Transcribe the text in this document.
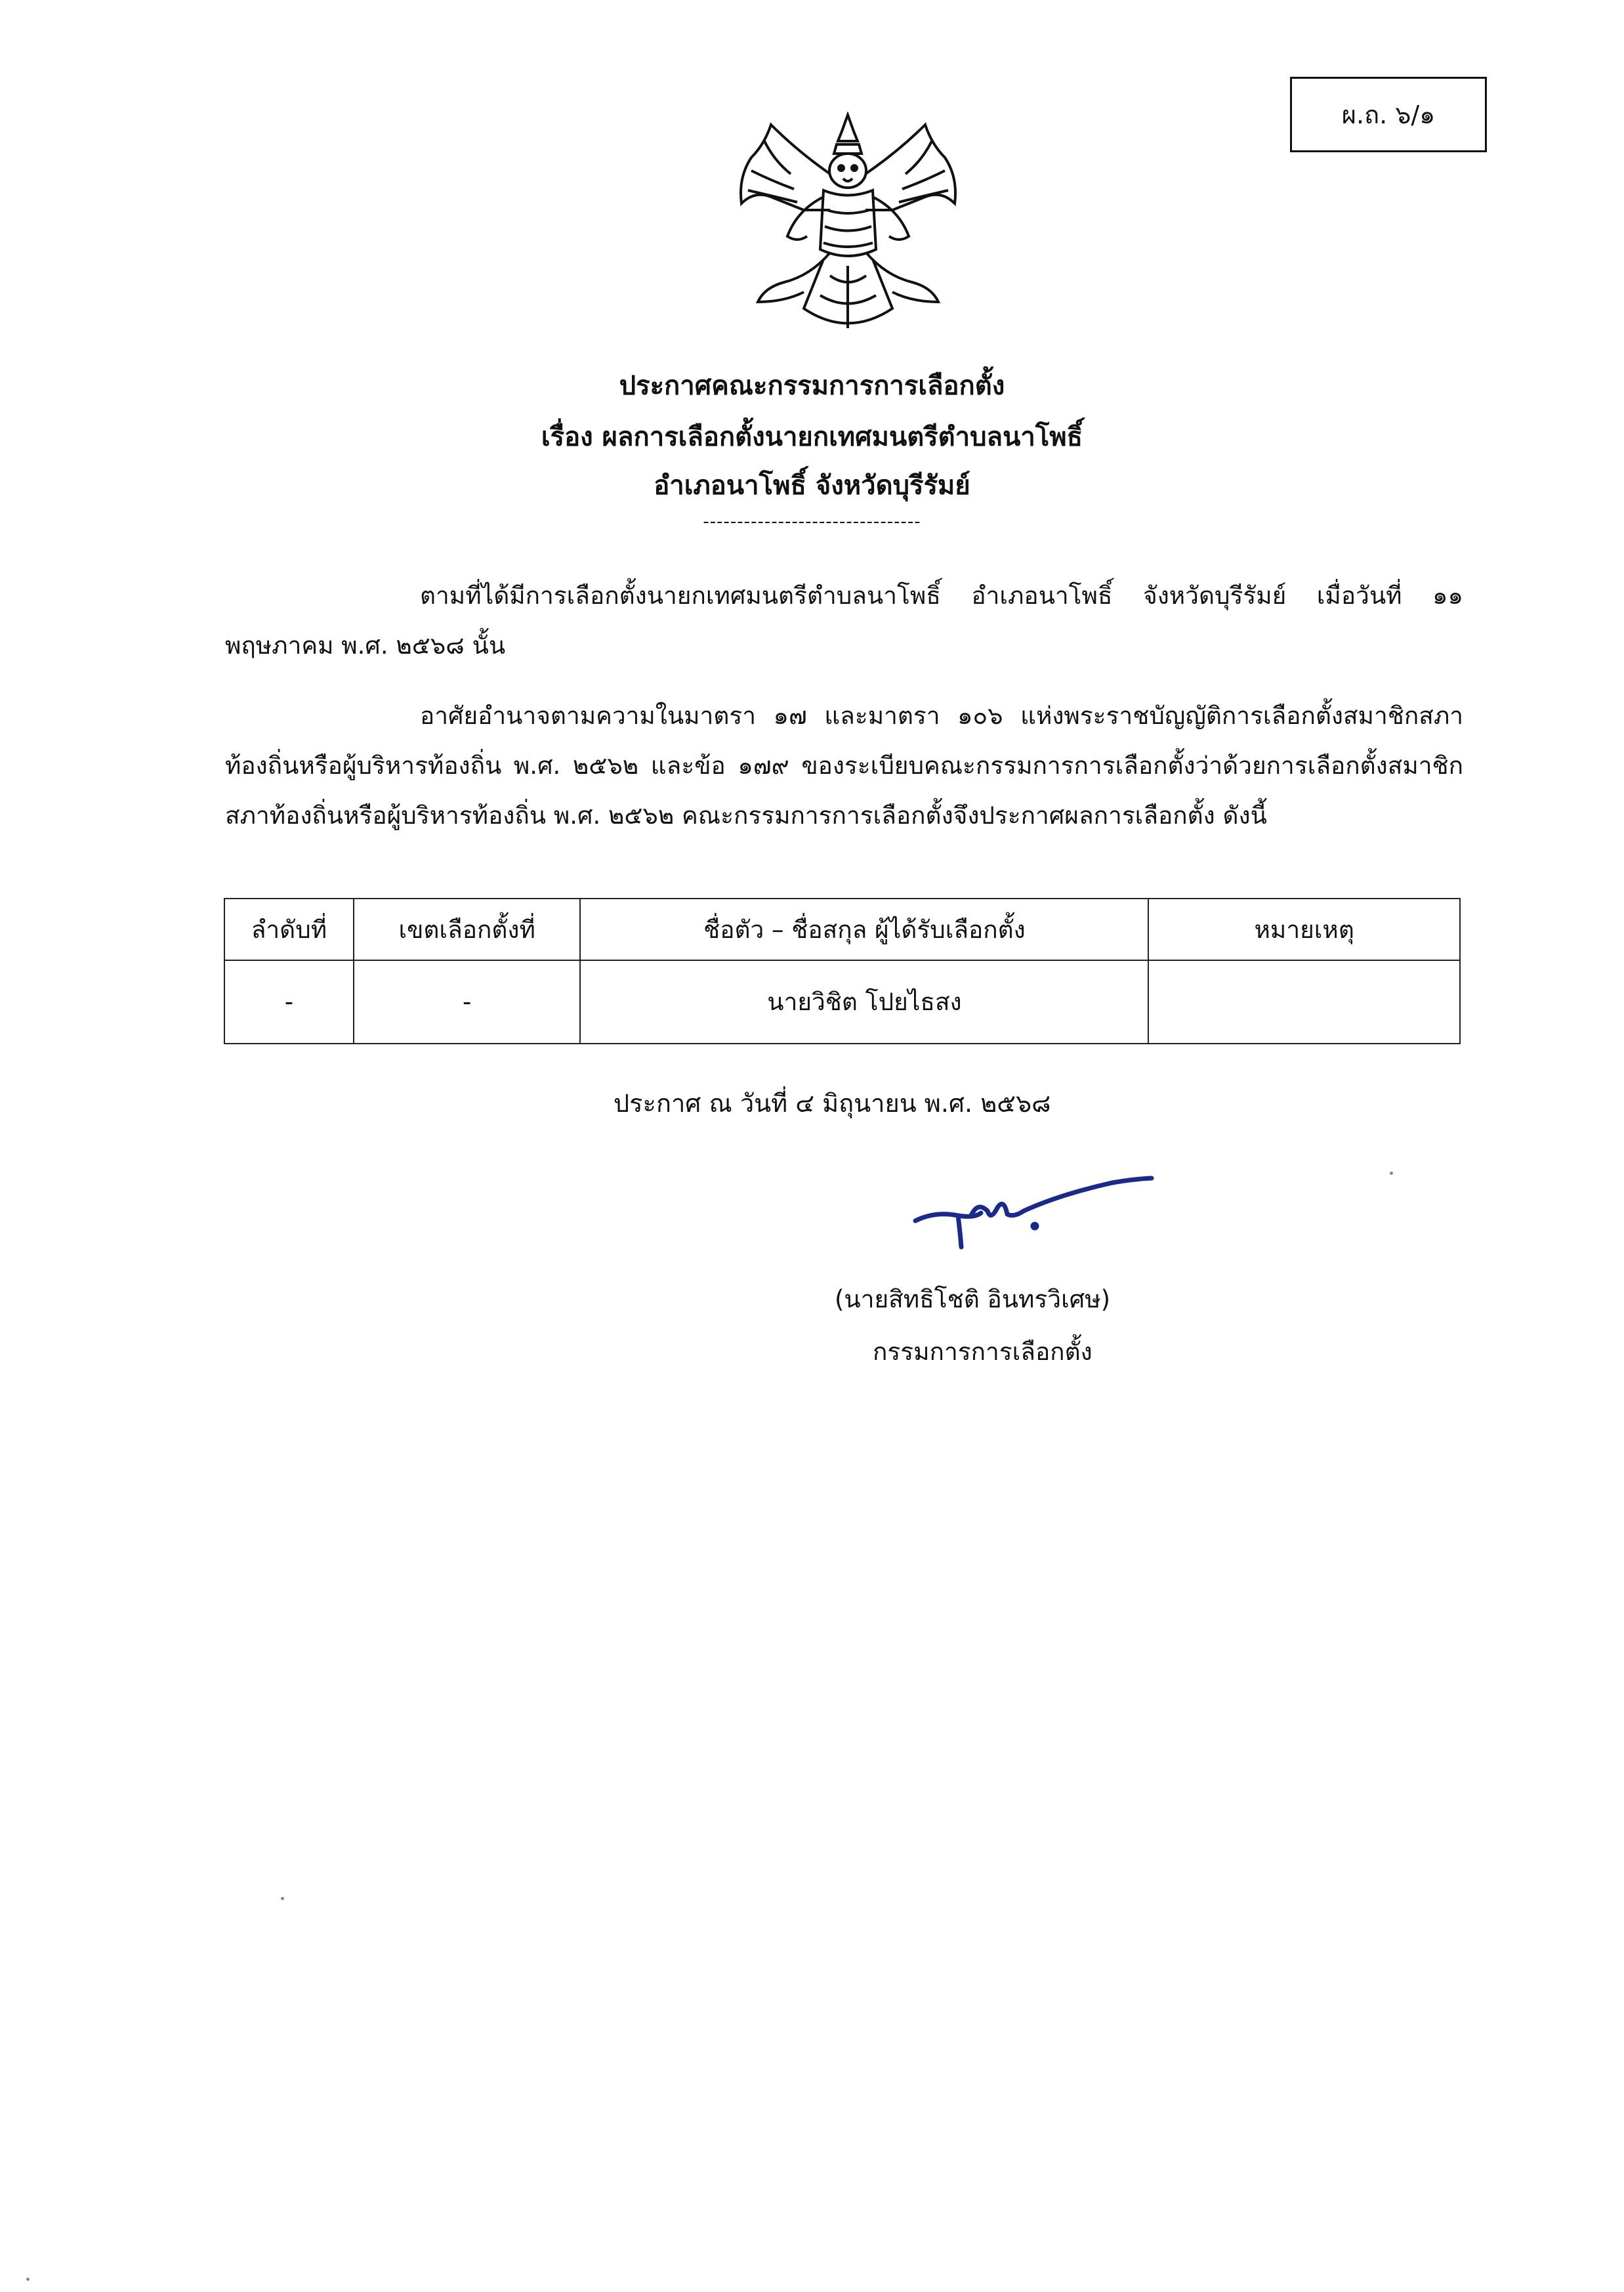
ผ.ถ. ๖/๑
ประกาศคณะกรรมการการเลือกตั้ง
เรื่อง ผลการเลือกตั้งนายกเทศมนตรีตำบลนาโพธิ์
อำเภอนาโพธิ์ จังหวัดบุรีรัมย์
--------------------------------
ตามที่ได้มีการเลือกตั้งนายกเทศมนตรีตำบลนาโพธิ์ อำเภอนาโพธิ์ จังหวัดบุรีรัมย์ เมื่อวันที่ ๑๑ พฤษภาคม พ.ศ. ๒๕๖๘ นั้น
อาศัยอำนาจตามความในมาตรา ๑๗ และมาตรา ๑๐๖ แห่งพระราชบัญญัติการเลือกตั้งสมาชิกสภาท้องถิ่นหรือผู้บริหารท้องถิ่น พ.ศ. ๒๕๖๒ และข้อ ๑๗๙ ของระเบียบคณะกรรมการการเลือกตั้งว่าด้วยการเลือกตั้งสมาชิกสภาท้องถิ่นหรือผู้บริหารท้องถิ่น พ.ศ. ๒๕๖๒ คณะกรรมการการเลือกตั้งจึงประกาศผลการเลือกตั้ง ดังนี้
ลำดับที่	เขตเลือกตั้งที่	ชื่อตัว – ชื่อสกุล ผู้ได้รับเลือกตั้ง	หมายเหตุ
-	-	นายวิชิต โปยไธสง	
ประกาศ ณ วันที่ ๔ มิถุนายน พ.ศ. ๒๕๖๘
(นายสิทธิโชติ อินทรวิเศษ)
กรรมการการเลือกตั้ง
